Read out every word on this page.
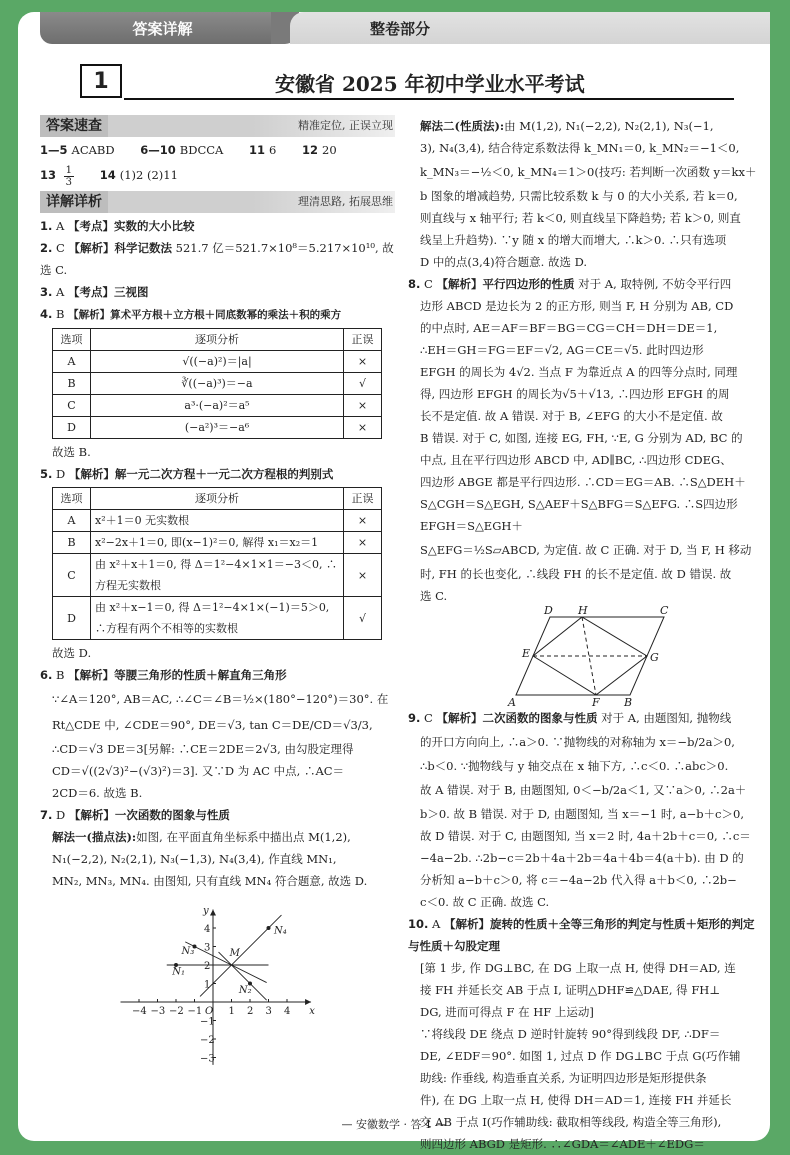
答案详解	整卷部分
1	安徽省 2025 年初中学业水平考试
答案速查	精准定位, 正误立现

1—5 ACABD 6—10 BDCCA 11 6 12 20

$13 \frac{1}{3} 14$ (1)2 (2)11

详解详析	理清思路, 拓展思维

1. A 【考点】实数的大小比较

2. C 【解析】科学记数法 521.7 亿＝521.7×10⁸＝5.217×10¹⁰, 故选 C.

3. A 【考点】三视图

4. B 【解析】算术平方根＋立方根＋同底数幂的乘法＋积的乘方

选项	逐项分析	正误
A	√((−a)²)＝|a|	×
B	∛((−a)³)＝−a	√
C	a³·(−a)²＝a⁵	×
D	(−a²)³＝−a⁶	×

故选 B.

5. D 【解析】解一元二次方程＋一元二次方程根的判别式

选项	逐项分析	正误
A	x²＋1＝0 无实数根	×
B	x²−2x＋1＝0, 即(x−1)²＝0, 解得 x₁＝x₂＝1	×
C	由 x²＋x＋1＝0, 得 Δ＝1²−4×1×1＝−3＜0, ∴方程无实数根	×
D	由 x²＋x−1＝0, 得 Δ＝1²−4×1×(−1)＝5＞0, ∴方程有两个不相等的实数根	√

故选 D.

6. B 【解析】等腰三角形的性质＋解直角三角形

∵∠A＝120°, AB＝AC, ∴∠C＝∠B＝½×(180°−120°)＝30°. 在

Rt△CDE 中, ∠CDE＝90°, DE＝√3, tan C＝DE/CD＝√3/3,

∴CD＝√3 DE＝3[另解: ∴CE＝2DE＝2√3, 由勾股定理得

CD＝√((2√3)²−(√3)²)＝3]. 又∵D 为 AC 中点, ∴AC＝

2CD＝6. 故选 B.

7. D 【解析】一次函数的图象与性质

解法一(描点法):如图, 在平面直角坐标系中描出点 M(1,2),

N₁(−2,2), N₂(2,1), N₃(−1,3), N₄(3,4), 作直线 MN₁,

MN₂, MN₃, MN₄. 由图知, 只有直线 MN₄ 符合题意, 故选 D.

−4 −3 −2 −1	1 2 3 4
4
3
2
1
−1
−2
−3
x
y
O
M
N₁
N₂
N₃
N₄

解法二(性质法):由 M(1,2), N₁(−2,2), N₂(2,1), N₃(−1,

3), N₄(3,4), 结合待定系数法得 k_MN₁＝0, k_MN₂＝−1＜0,

k_MN₃＝−½＜0, k_MN₄＝1＞0(技巧: 若判断一次函数 y＝kx＋

b 图象的增减趋势, 只需比较系数 k 与 0 的大小关系, 若 k＝0,

则直线与 x 轴平行; 若 k＜0, 则直线呈下降趋势; 若 k＞0, 则直

线呈上升趋势). ∵y 随 x 的增大而增大, ∴k＞0. ∴只有选项

D 中的点(3,4)符合题意. 故选 D.

8. C 【解析】平行四边形的性质 对于 A, 取特例, 不妨令平行四

边形 ABCD 是边长为 2 的正方形, 则当 F, H 分别为 AB, CD

的中点时, AE＝AF＝BF＝BG＝CG＝CH＝DH＝DE＝1,

∴EH＝GH＝FG＝EF＝√2, AG＝CE＝√5. 此时四边形

EFGH 的周长为 4√2. 当点 F 为靠近点 A 的四等分点时, 同理

得, 四边形 EFGH 的周长为√5＋√13, ∴四边形 EFGH 的周

长不是定值. 故 A 错误. 对于 B, ∠EFG 的大小不是定值. 故

B 错误. 对于 C, 如图, 连接 EG, FH, ∵E, G 分别为 AD, BC 的

中点, 且在平行四边形 ABCD 中, AD∥BC, ∴四边形 CDEG、

四边形 ABGE 都是平行四边形. ∴CD＝EG＝AB. ∴S△DEH＋

S△CGH＝S△EGH, S△AEF＋S△BFG＝S△EFG. ∴S四边形EFGH＝S△EGH＋

S△EFG＝½S▱ABCD, 为定值. 故 C 正确. 对于 D, 当 F, H 移动

时, FH 的长也变化, ∴线段 FH 的长不是定值. 故 D 错误. 故

选 C.

A	B
C
D
E
F
G
H

9. C 【解析】二次函数的图象与性质 对于 A, 由题图知, 抛物线

的开口方向向上, ∴a＞0. ∵抛物线的对称轴为 x＝−b/2a＞0,

∴b＜0. ∵抛物线与 y 轴交点在 x 轴下方, ∴c＜0. ∴abc＞0.

故 A 错误. 对于 B, 由题图知, 0＜−b/2a＜1, 又∵a＞0, ∴2a＋

b＞0. 故 B 错误. 对于 D, 由题图知, 当 x＝−1 时, a−b＋c＞0,

故 D 错误. 对于 C, 由题图知, 当 x＝2 时, 4a＋2b＋c＝0, ∴c＝

−4a−2b. ∴2b−c＝2b＋4a＋2b＝4a＋4b＝4(a＋b). 由 D 的

分析知 a−b＋c＞0, 将 c＝−4a−2b 代入得 a＋b＜0, ∴2b−

c＜0. 故 C 正确. 故选 C.

10. A 【解析】旋转的性质＋全等三角形的判定与性质＋矩形的判定与性质＋勾股定理

[第 1 步, 作 DG⊥BC, 在 DG 上取一点 H, 使得 DH＝AD, 连

接 FH 并延长交 AB 于点 I, 证明△DHF≌△DAE, 得 FH⊥

DG, 进而可得点 F 在 HF 上运动]

∵将线段 DE 绕点 D 逆时针旋转 90°得到线段 DF, ∴DF＝

DE, ∠EDF＝90°. 如图 1, 过点 D 作 DG⊥BC 于点 G(巧作辅

助线: 作垂线, 构造垂直关系, 为证明四边形是矩形提供条

件), 在 DG 上取一点 H, 使得 DH＝AD＝1, 连接 FH 并延长

交 AB 于点 I(巧作辅助线: 截取相等线段, 构造全等三角形),

则四边形 ABGD 是矩形. ∴∠GDA＝∠ADE＋∠EDG＝

— 安徽数学 · 答 1 —
